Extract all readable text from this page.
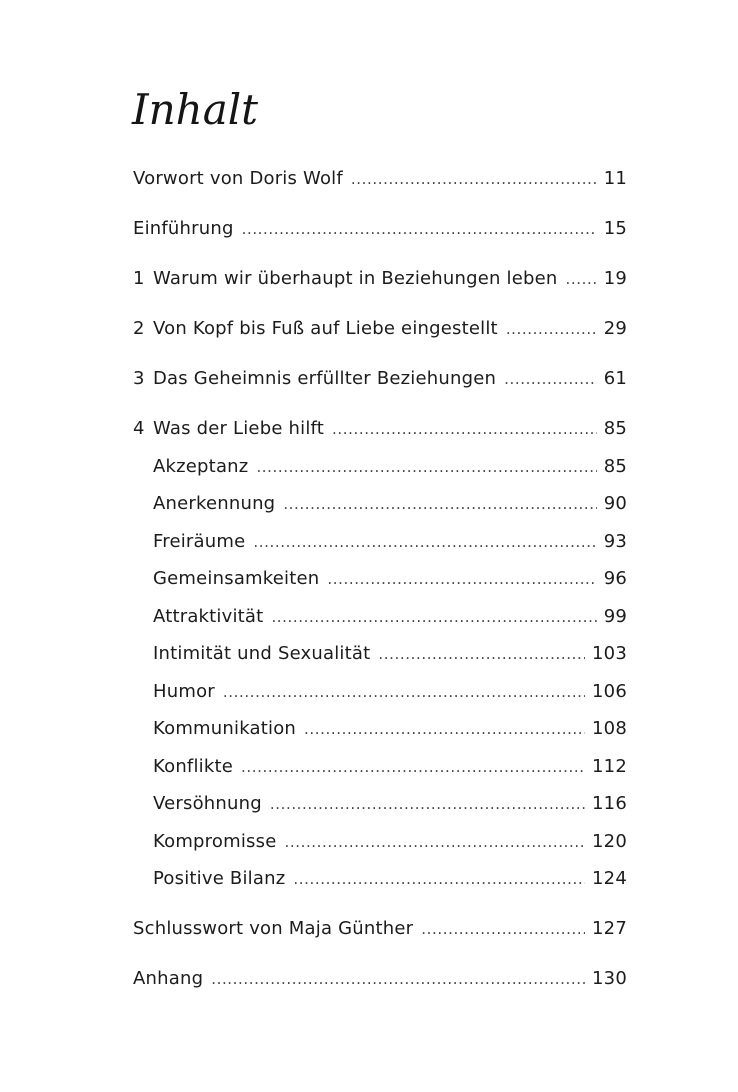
Inhalt
Vorwort von Doris Wolf .....	11
Einführung .....	15
1 Warum wir überhaupt in Beziehungen leben .....	19
2 Von Kopf bis Fuß auf Liebe eingestellt .....	29
3 Das Geheimnis erfüllter Beziehungen .....	61
4 Was der Liebe hilft .....	85
Akzeptanz .....	85
Anerkennung .....	90
Freiräume .....	93
Gemeinsamkeiten .....	96
Attraktivität .....	99
Intimität und Sexualität .....	103
Humor .....	106
Kommunikation .....	108
Konflikte .....	112
Versöhnung .....	116
Kompromisse .....	120
Positive Bilanz .....	124
Schlusswort von Maja Günther .....	127
Anhang .....	130
